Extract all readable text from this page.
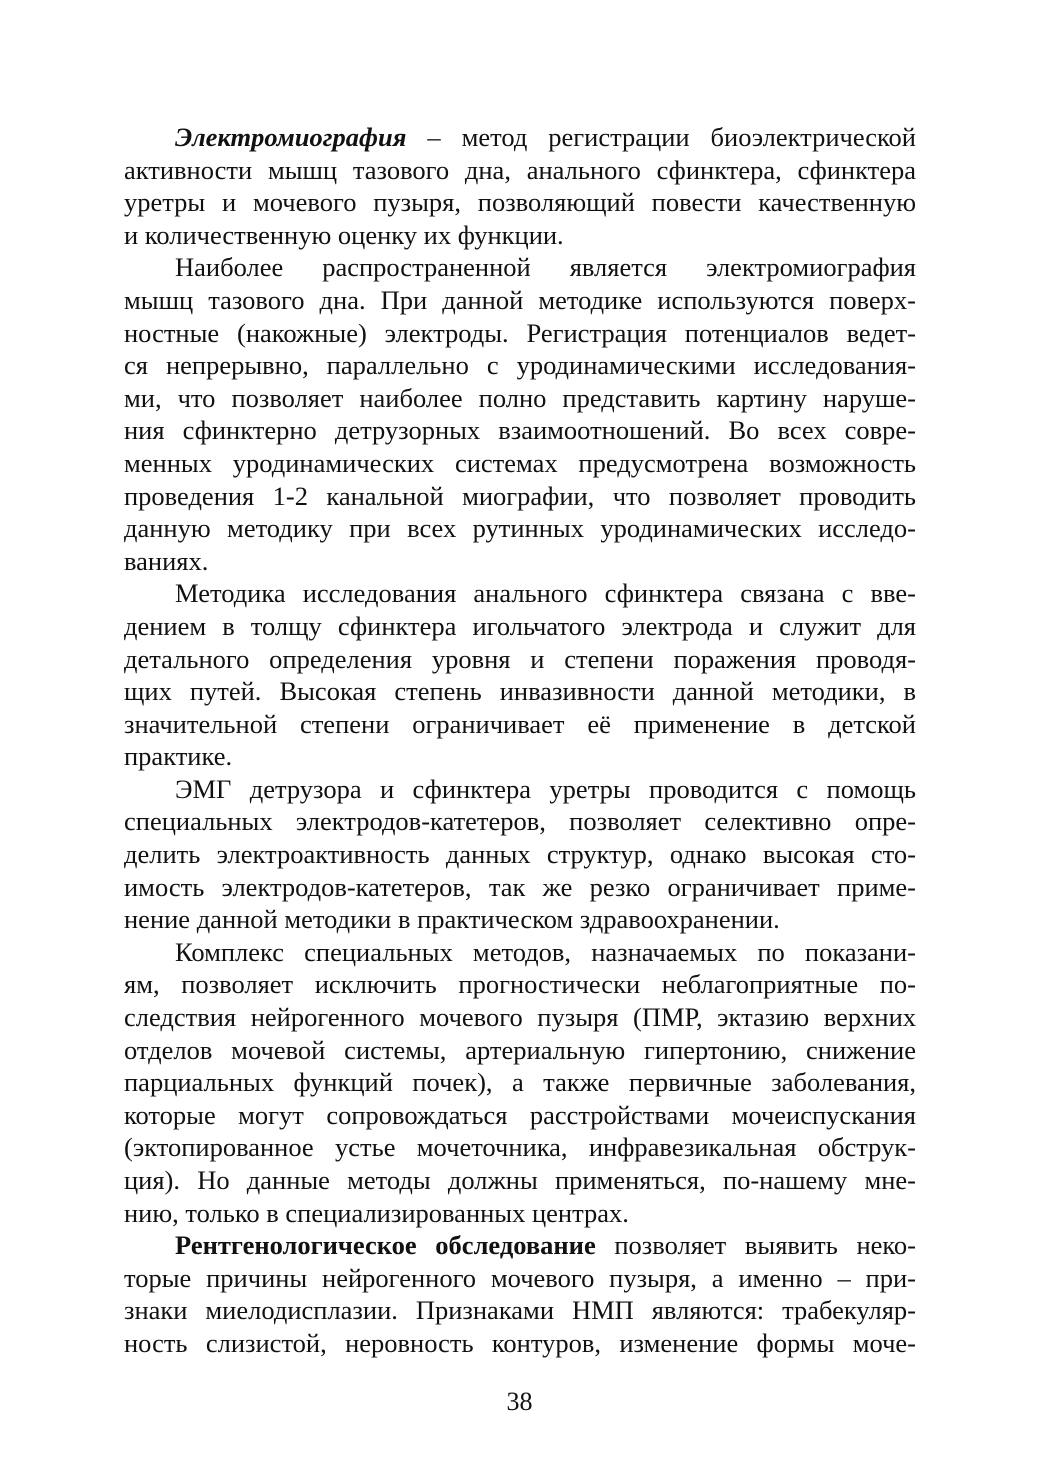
Электромиография – метод регистрации биоэлектрической
активности мышц тазового дна, анального сфинктера, сфинктера
уретры и мочевого пузыря, позволяющий повести качественную
и количественную оценку их функции.
Наиболее распространенной является электромиография
мышц тазового дна. При данной методике используются поверх-
ностные (накожные) электроды. Регистрация потенциалов ведет-
ся непрерывно, параллельно с уродинамическими исследования-
ми, что позволяет наиболее полно представить картину наруше-
ния сфинктерно детрузорных взаимоотношений. Во всех совре-
менных уродинамических системах предусмотрена возможность
проведения 1-2 канальной миографии, что позволяет проводить
данную методику при всех рутинных уродинамических исследо-
ваниях.
Методика исследования анального сфинктера связана с вве-
дением в толщу сфинктера игольчатого электрода и служит для
детального определения уровня и степени поражения проводя-
щих путей. Высокая степень инвазивности данной методики, в
значительной степени ограничивает её применение в детской
практике.
ЭМГ детрузора и сфинктера уретры проводится с помощь
специальных электродов-катетеров, позволяет селективно опре-
делить электроактивность данных структур, однако высокая сто-
имость электродов-катетеров, так же резко ограничивает приме-
нение данной методики в практическом здравоохранении.
Комплекс специальных методов, назначаемых по показани-
ям, позволяет исключить прогностически неблагоприятные по-
следствия нейрогенного мочевого пузыря (ПМР, эктазию верхних
отделов мочевой системы, артериальную гипертонию, снижение
парциальных функций почек), а также первичные заболевания,
которые могут сопровождаться расстройствами мочеиспускания
(эктопированное устье мочеточника, инфравезикальная обструк-
ция). Но данные методы должны применяться, по-нашему мне-
нию, только в специализированных центрах.
Рентгенологическое обследование позволяет выявить неко-
торые причины нейрогенного мочевого пузыря, а именно – при-
знаки миелодисплазии. Признаками НМП являются: трабекуляр-
ность слизистой, неровность контуров, изменение формы моче-
38
